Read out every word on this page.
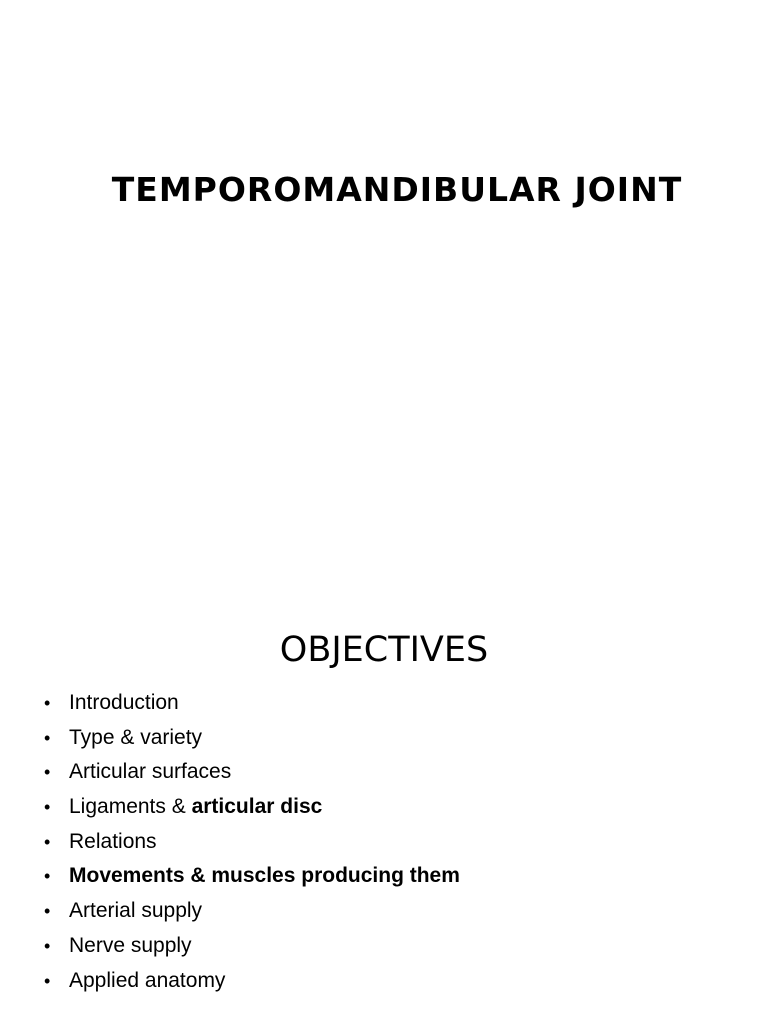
TEMPOROMANDIBULAR JOINT
OBJECTIVES
• Introduction
• Type & variety
• Articular surfaces
• Ligaments & articular disc
• Relations
• Movements & muscles producing them
• Arterial supply
• Nerve supply
• Applied anatomy
